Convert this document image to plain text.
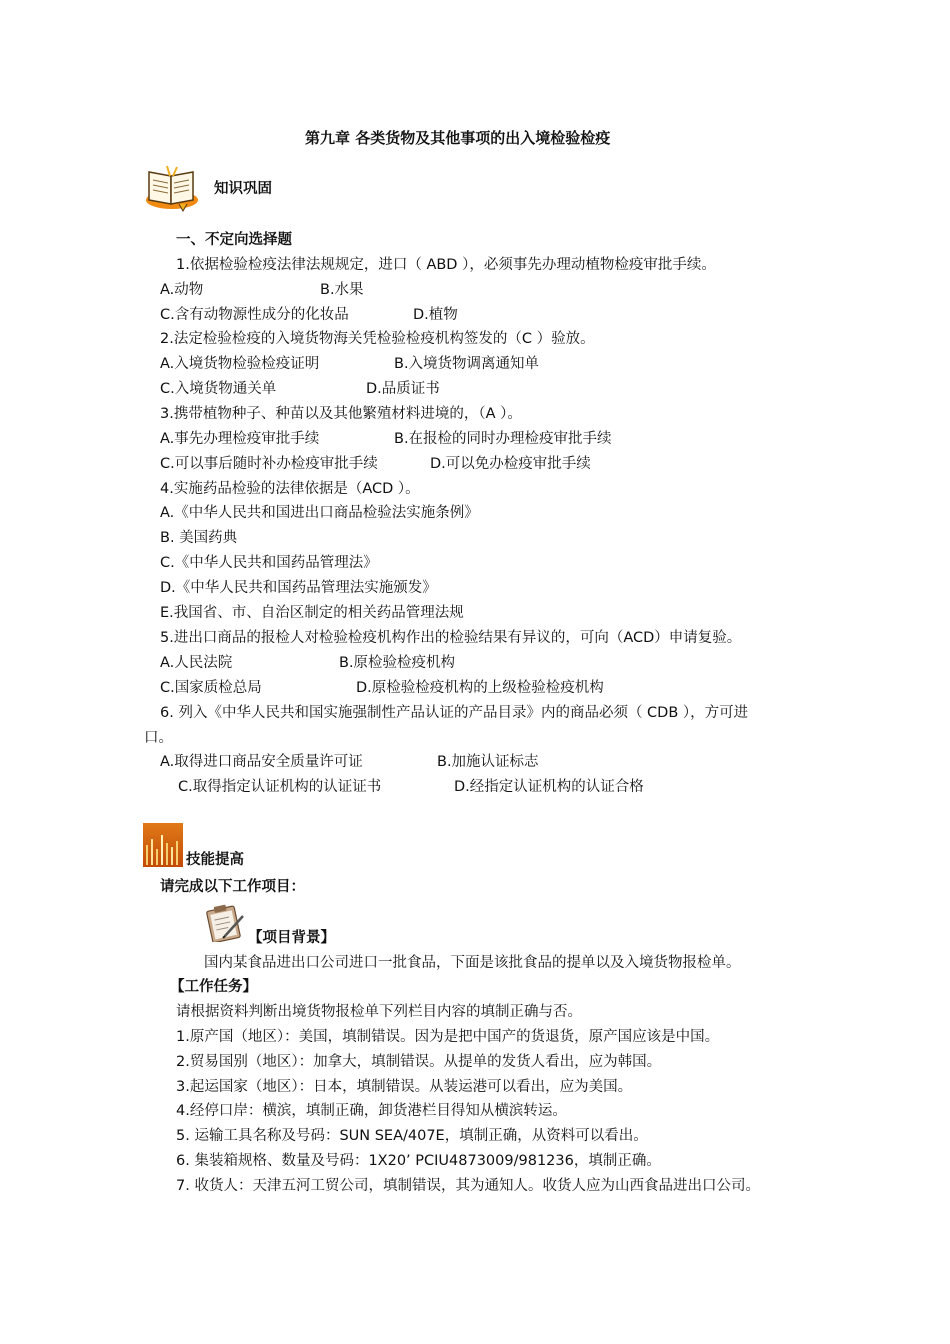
第九章 各类货物及其他事项的出入境检验检疫
知识巩固
一、不定向选择题
1.依据检验检疫法律法规规定，进口（ ABD ），必须事先办理动植物检疫审批手续。
A.动物	B.水果
C.含有动物源性成分的化妆品	D.植物
2.法定检验检疫的入境货物海关凭检验检疫机构签发的（C ）验放。
A.入境货物检验检疫证明	B.入境货物调离通知单
C.入境货物通关单	D.品质证书
3.携带植物种子、种苗以及其他繁殖材料进境的，（A ）。
A.事先办理检疫审批手续	B.在报检的同时办理检疫审批手续
C.可以事后随时补办检疫审批手续	D.可以免办检疫审批手续
4.实施药品检验的法律依据是（ACD ）。
A.《中华人民共和国进出口商品检验法实施条例》
B. 美国药典
C.《中华人民共和国药品管理法》
D.《中华人民共和国药品管理法实施颁发》
E.我国省、市、自治区制定的相关药品管理法规
5.进出口商品的报检人对检验检疫机构作出的检验结果有异议的，可向（ACD）申请复验。
A.人民法院	B.原检验检疫机构
C.国家质检总局	D.原检验检疫机构的上级检验检疫机构
6. 列入《中华人民共和国实施强制性产品认证的产品目录》内的商品必须（ CDB ），方可进
口。
A.取得进口商品安全质量许可证	B.加施认证标志
C.取得指定认证机构的认证证书	D.经指定认证机构的认证合格
技能提高
请完成以下工作项目：
【项目背景】
国内某食品进出口公司进口一批食品，下面是该批食品的提单以及入境货物报检单。
【工作任务】
请根据资料判断出境货物报检单下列栏目内容的填制正确与否。
1.原产国（地区）：美国，填制错误。因为是把中国产的货退货，原产国应该是中国。
2.贸易国别（地区）：加拿大，填制错误。从提单的发货人看出，应为韩国。
3.起运国家（地区）：日本，填制错误。从装运港可以看出，应为美国。
4.经停口岸：横滨，填制正确，卸货港栏目得知从横滨转运。
5. 运输工具名称及号码：SUN SEA/407E，填制正确，从资料可以看出。
6. 集装箱规格、数量及号码：1X20’ PCIU4873009/981236，填制正确。
7. 收货人：天津五河工贸公司，填制错误，其为通知人。收货人应为山西食品进出口公司。
